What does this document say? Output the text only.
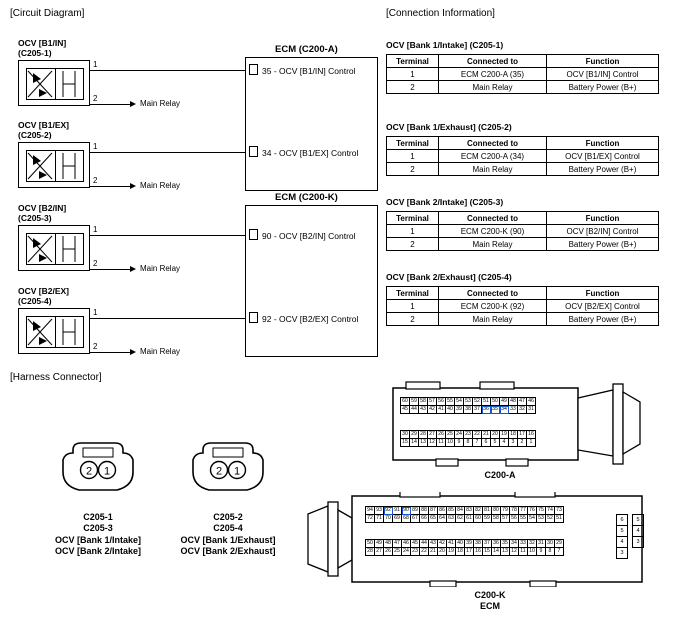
[Circuit Diagram]	[Connection Information]
[Harness Connector]
OCV [B1/IN]
(C205-1)
1
2
Main Relay
OCV [B1/EX]
(C205-2)
1
2
Main Relay
OCV [B2/IN]
(C205-3)
1
2
Main Relay
OCV [B2/EX]
(C205-4)
1
2
Main Relay
ECM (C200-A)
35 - OCV [B1/IN] Control
34 - OCV [B1/EX] Control
ECM (C200-K)
90 - OCV [B2/IN] Control
92 - OCV [B2/EX] Control
OCV [Bank 1/Intake] (C205-1)
Terminal	Connected to	Function
1	ECM C200-A (35)	OCV [B1/IN] Control
2	Main Relay	Battery Power (B+)
OCV [Bank 1/Exhaust] (C205-2)
Terminal	Connected to	Function
1	ECM C200-A (34)	OCV [B1/EX] Control
2	Main Relay	Battery Power (B+)
OCV [Bank 2/Intake] (C205-3)
Terminal	Connected to	Function
1	ECM C200-K (90)	OCV [B2/IN] Control
2	Main Relay	Battery Power (B+)
OCV [Bank 2/Exhaust] (C205-4)
Terminal	Connected to	Function
1	ECM C200-K (92)	OCV [B2/EX] Control
2	Main Relay	Battery Power (B+)
2 1
C205-1
C205-3
OCV [Bank 1/Intake]
OCV [Bank 2/Intake]
2 1
C205-2
C205-4
OCV [Bank 1/Exhaust]
OCV [Bank 2/Exhaust]
60	59	58	57	56	55	54	53	52	51	50	49	48	47	46
45	44	43	42	41	40	39	38	37	36	35	34	33	32	31
30	29	28	27	26	25	24	23	22	21	20	19	18	17	16
15	14	13	12	11	10	9	8	7	6	5	4	3	2	1
C200-A
94	93	92	91	90	89	88	87	86	85	84	83	82	81	80	79	78	77	76	75	74	73
72	71	70	69	68	67	66	65	64	63	62	61	60	59	58	57	56	55	54	53	52	51
50	49	48	47	46	45	44	43	42	41	40	39	38	37	36	35	34	33	32	31	30	29
28	27	26	25	24	23	22	21	20	19	18	17	16	15	14	13	12	11	10	9	8	7
6
5
4
3
5
4
3
C200-K
ECM
